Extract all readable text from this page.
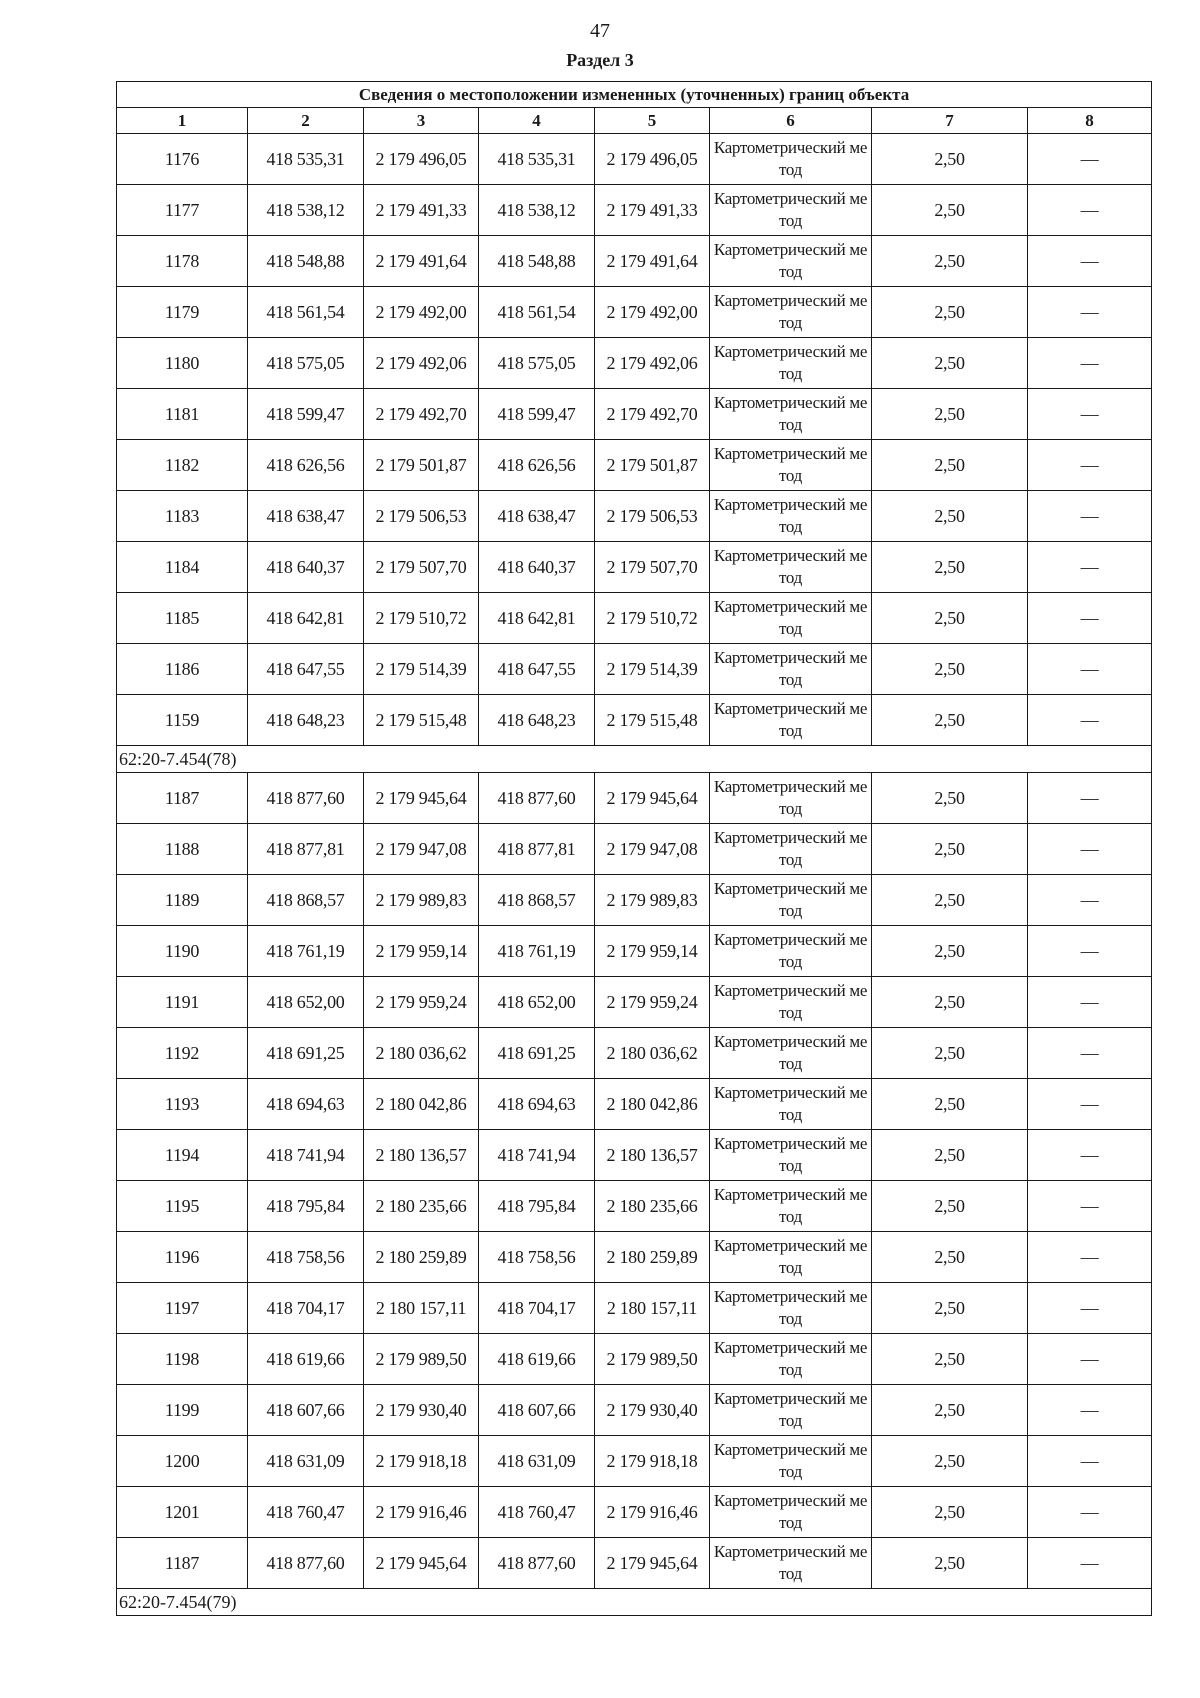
47
Раздел 3
Сведения о местоположении измененных (уточненных) границ объекта							
1	2	3	4	5	6	7	8
1176	418 535,31	2 179 496,05	418 535,31	2 179 496,05	Картометрический метод	2,50	—
1177	418 538,12	2 179 491,33	418 538,12	2 179 491,33	Картометрический метод	2,50	—
1178	418 548,88	2 179 491,64	418 548,88	2 179 491,64	Картометрический метод	2,50	—
1179	418 561,54	2 179 492,00	418 561,54	2 179 492,00	Картометрический метод	2,50	—
1180	418 575,05	2 179 492,06	418 575,05	2 179 492,06	Картометрический метод	2,50	—
1181	418 599,47	2 179 492,70	418 599,47	2 179 492,70	Картометрический метод	2,50	—
1182	418 626,56	2 179 501,87	418 626,56	2 179 501,87	Картометрический метод	2,50	—
1183	418 638,47	2 179 506,53	418 638,47	2 179 506,53	Картометрический метод	2,50	—
1184	418 640,37	2 179 507,70	418 640,37	2 179 507,70	Картометрический метод	2,50	—
1185	418 642,81	2 179 510,72	418 642,81	2 179 510,72	Картометрический метод	2,50	—
1186	418 647,55	2 179 514,39	418 647,55	2 179 514,39	Картометрический метод	2,50	—
1159	418 648,23	2 179 515,48	418 648,23	2 179 515,48	Картометрический метод	2,50	—
62:20-7.454(78)							
1187	418 877,60	2 179 945,64	418 877,60	2 179 945,64	Картометрический метод	2,50	—
1188	418 877,81	2 179 947,08	418 877,81	2 179 947,08	Картометрический метод	2,50	—
1189	418 868,57	2 179 989,83	418 868,57	2 179 989,83	Картометрический метод	2,50	—
1190	418 761,19	2 179 959,14	418 761,19	2 179 959,14	Картометрический метод	2,50	—
1191	418 652,00	2 179 959,24	418 652,00	2 179 959,24	Картометрический метод	2,50	—
1192	418 691,25	2 180 036,62	418 691,25	2 180 036,62	Картометрический метод	2,50	—
1193	418 694,63	2 180 042,86	418 694,63	2 180 042,86	Картометрический метод	2,50	—
1194	418 741,94	2 180 136,57	418 741,94	2 180 136,57	Картометрический метод	2,50	—
1195	418 795,84	2 180 235,66	418 795,84	2 180 235,66	Картометрический метод	2,50	—
1196	418 758,56	2 180 259,89	418 758,56	2 180 259,89	Картометрический метод	2,50	—
1197	418 704,17	2 180 157,11	418 704,17	2 180 157,11	Картометрический метод	2,50	—
1198	418 619,66	2 179 989,50	418 619,66	2 179 989,50	Картометрический метод	2,50	—
1199	418 607,66	2 179 930,40	418 607,66	2 179 930,40	Картометрический метод	2,50	—
1200	418 631,09	2 179 918,18	418 631,09	2 179 918,18	Картометрический метод	2,50	—
1201	418 760,47	2 179 916,46	418 760,47	2 179 916,46	Картометрический метод	2,50	—
1187	418 877,60	2 179 945,64	418 877,60	2 179 945,64	Картометрический метод	2,50	—
62:20-7.454(79)							
